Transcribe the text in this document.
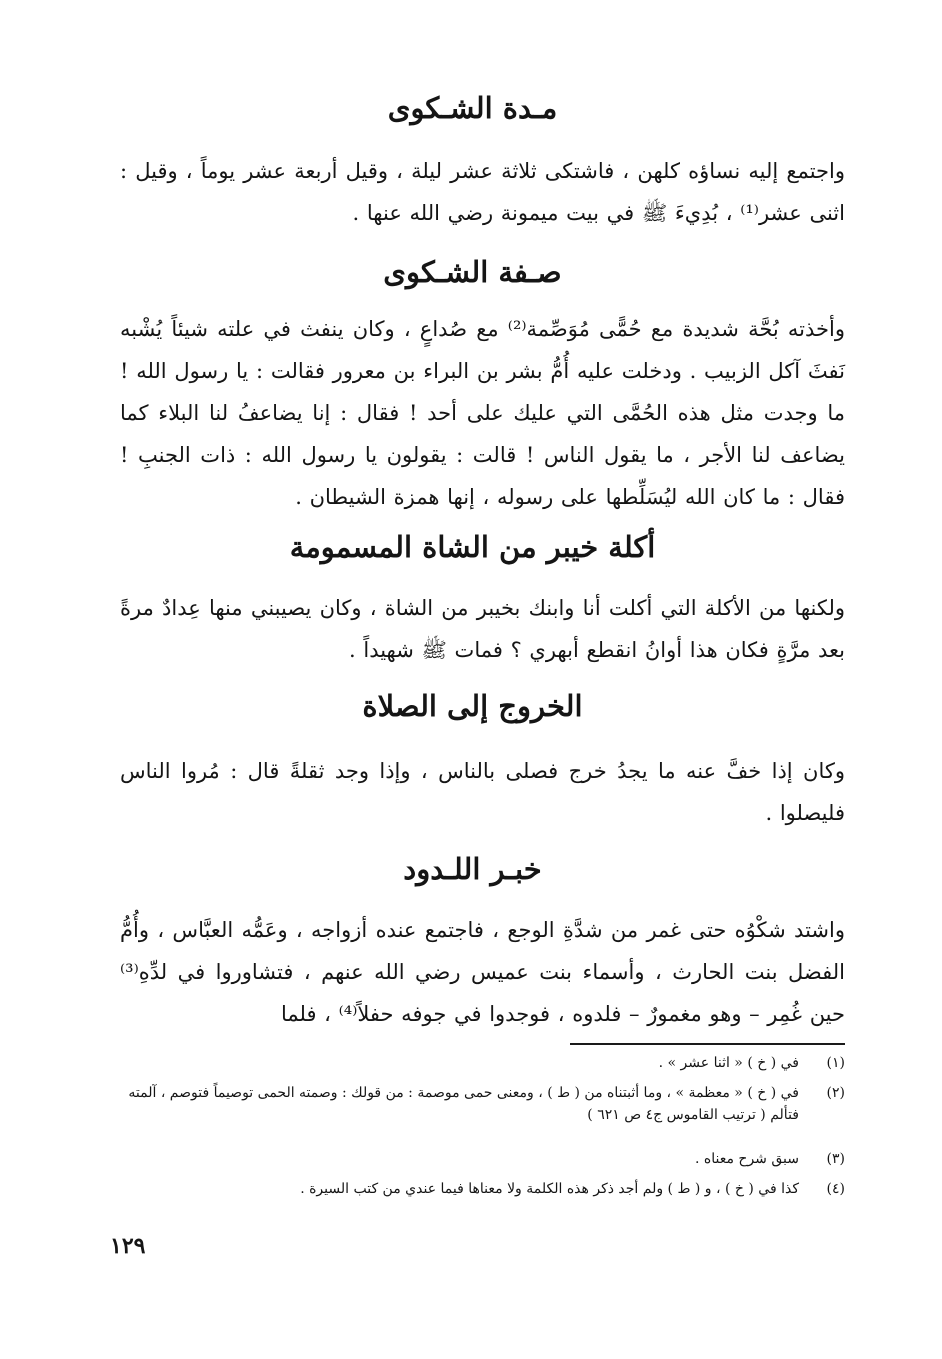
مـدة الشـكوى

واجتمع إليه نساؤه كلهن ، فاشتكى ثلاثة عشر ليلة ، وقيل أربعة عشر يوماً ، وقيل : اثنى عشر⁽¹⁾ ، بُدِيءَ ﷺ في بيت ميمونة رضي الله عنها .

صـفة الشـكوى

وأخذته بُحَّة شديدة مع حُمًّى مُوَصِّمة⁽²⁾ مع صُداعٍ ، وكان ينفث في علته شيئاً يُشْبه نَفثَ آكل الزبيب . ودخلت عليه أُمُّ بشر بن البراء بن معرور فقالت : يا رسول الله ! ما وجدت مثل هذه الحُمَّى التي عليك على أحد ! فقال : إنا يضاعفُ لنا البلاء كما يضاعف لنا الأجر ، ما يقول الناس ! قالت : يقولون يا رسول الله : ذات الجنبِ ! فقال : ما كان الله ليُسَلِّطها على رسوله ، إنها همزة الشيطان .

أكلة خيبر من الشاة المسمومة

ولكنها من الأكلة التي أكلت أنا وابنك بخيبر من الشاة ، وكان يصيبني منها عِدادٌ مرةً بعد مرَّةٍ فكان هذا أوانُ انقطع أبهري ؟ فمات ﷺ شهيداً .

الخروج إلى الصلاة

وكان إذا خفَّ عنه ما يجدُ خرج فصلى بالناس ، وإذا وجد ثقلةً قال : مُروا الناس فليصلوا .

خبـر اللـدود

واشتد شكْوُه حتى غمر من شدَّةِ الوجع ، فاجتمع عنده أزواجه ، وعَمُّه العبَّاس ، وأُمُّ الفضل بنت الحارث ، وأسماء بنت عميس رضي الله عنهم ، فتشاوروا في لدِّهِ⁽³⁾ حين غُمِر – وهو مغمورٌ – فلدوه ، فوجدوا في جوفه حفلاً⁽⁴⁾ ، فلما

(١)
في ( خ ) « اثنا عشر » .
(٢)
في ( خ ) « معظمة » ، وما أثبتناه من ( ط ) ، ومعنى حمى موصمة : من قولك : وصمته الحمى توصيماً فتوصم ، آلمته فتألم ( ترتيب القاموس ج٤ ص ٦٢١ )
(٣)
سبق شرح معناه .
(٤)
كذا في ( خ ) ، و ( ط ) ولم أجد ذكر هذه الكلمة ولا معناها فيما عندي من كتب السيرة .
١٢٩
